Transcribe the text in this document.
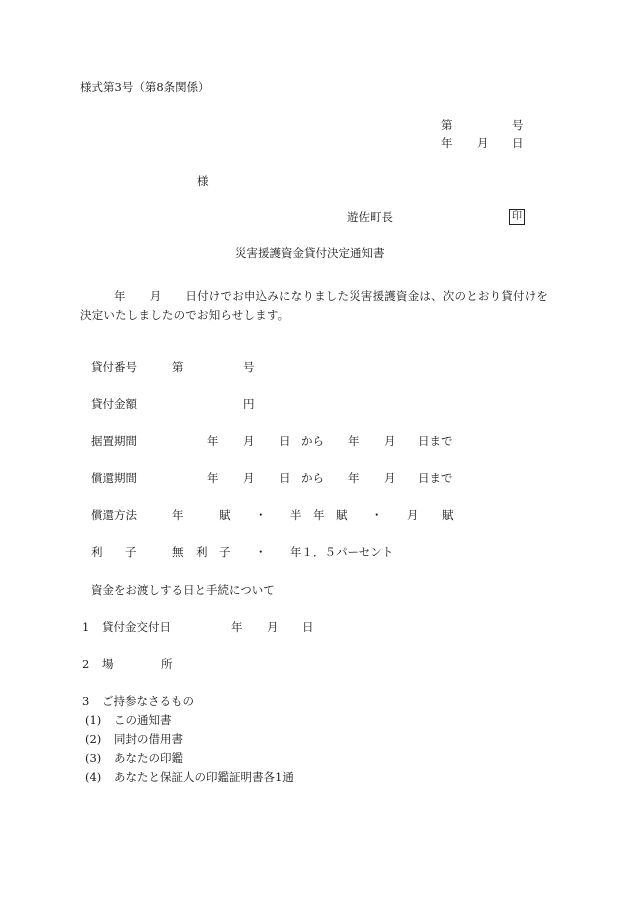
様式第3号（第8条関係）
第	号
年 月 日
様
遊佐町長	印
災害援護資金貸付決定通知書
年 月 日付けでお申込みになりました災害援護資金は、次のとおり貸付けを決定いたしましたのでお知らせします。
貸付番号	第	号
貸付金額	円
据置期間	年 月 日 から 年 月 日まで
償還期間	年 月 日 から 年 月 日まで
償還方法	年	賦 ・ 半 年 賦 ・ 月 賦
利 子	無 利 子 ・ 年１．５パーセント
資金をお渡しする日と手続について
1 貸付金交付日	年 月 日
2 場	所
3 ご持参なさるもの
(1) この通知書
(2) 同封の借用書
(3) あなたの印鑑
(4) あなたと保証人の印鑑証明書各1通
